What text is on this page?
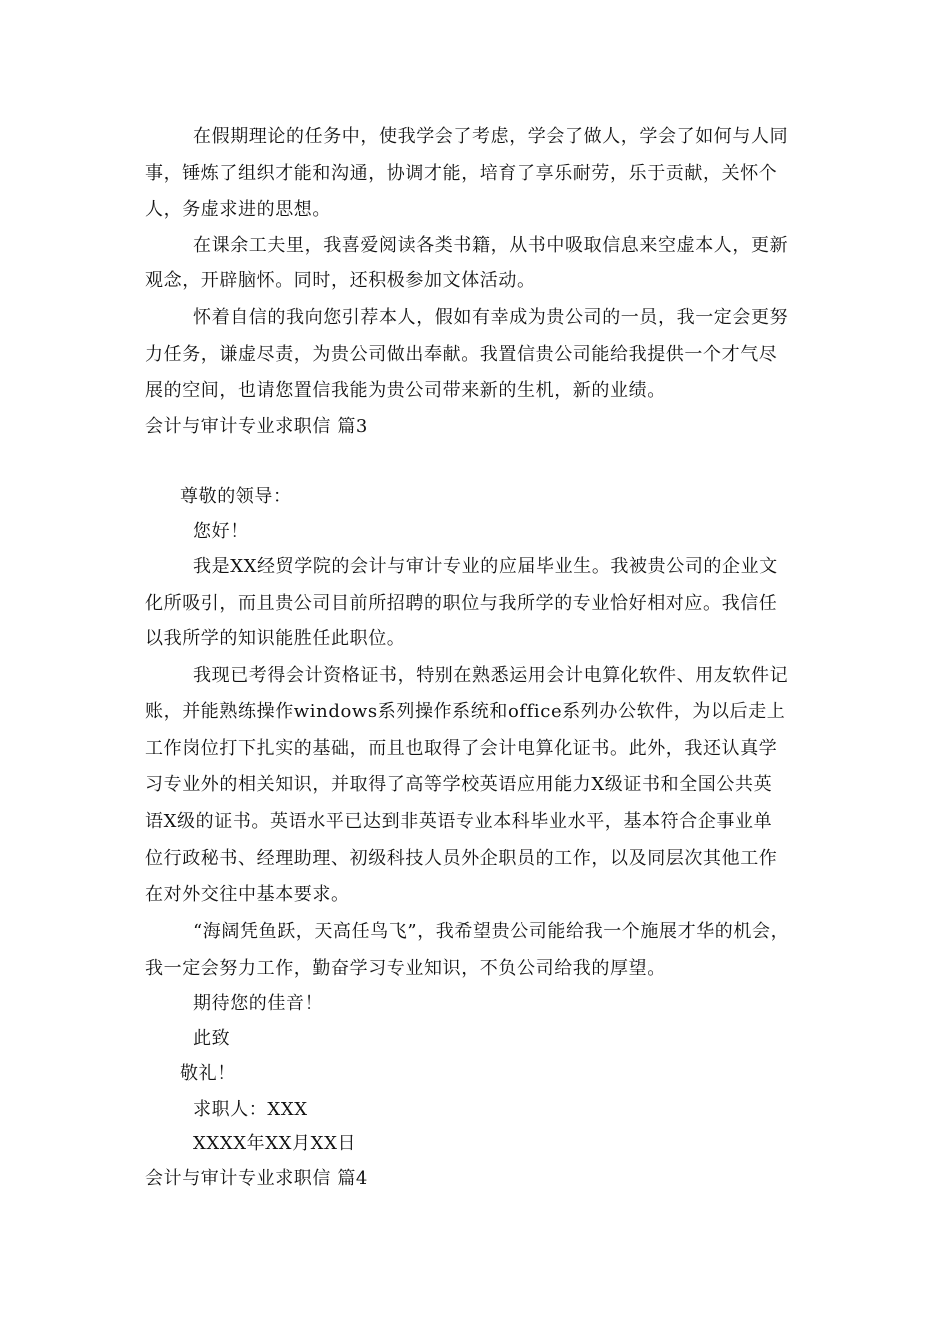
在假期理论的任务中，使我学会了考虑，学会了做人，学会了如何与人同
事，锤炼了组织才能和沟通，协调才能，培育了享乐耐劳，乐于贡献，关怀个
人，务虚求进的思想。
在课余工夫里，我喜爱阅读各类书籍，从书中吸取信息来空虚本人，更新
观念，开辟脑怀。同时，还积极参加文体活动。
怀着自信的我向您引荐本人，假如有幸成为贵公司的一员，我一定会更努
力任务，谦虚尽责，为贵公司做出奉献。我置信贵公司能给我提供一个才气尽
展的空间，也请您置信我能为贵公司带来新的生机，新的业绩。
会计与审计专业求职信 篇3
尊敬的领导：
您好！
我是XX经贸学院的会计与审计专业的应届毕业生。我被贵公司的企业文
化所吸引，而且贵公司目前所招聘的职位与我所学的专业恰好相对应。我信任
以我所学的知识能胜任此职位。
我现已考得会计资格证书，特别在熟悉运用会计电算化软件、用友软件记
账，并能熟练操作windows系列操作系统和office系列办公软件，为以后走上
工作岗位打下扎实的基础，而且也取得了会计电算化证书。此外，我还认真学
习专业外的相关知识，并取得了高等学校英语应用能力X级证书和全国公共英
语X级的证书。英语水平已达到非英语专业本科毕业水平，基本符合企事业单
位行政秘书、经理助理、初级科技人员外企职员的工作，以及同层次其他工作
在对外交往中基本要求。
“海阔凭鱼跃，天高任鸟飞”，我希望贵公司能给我一个施展才华的机会，
我一定会努力工作，勤奋学习专业知识，不负公司给我的厚望。
期待您的佳音！
此致
敬礼！
求职人：XXX
XXXX年XX月XX日
会计与审计专业求职信 篇4
